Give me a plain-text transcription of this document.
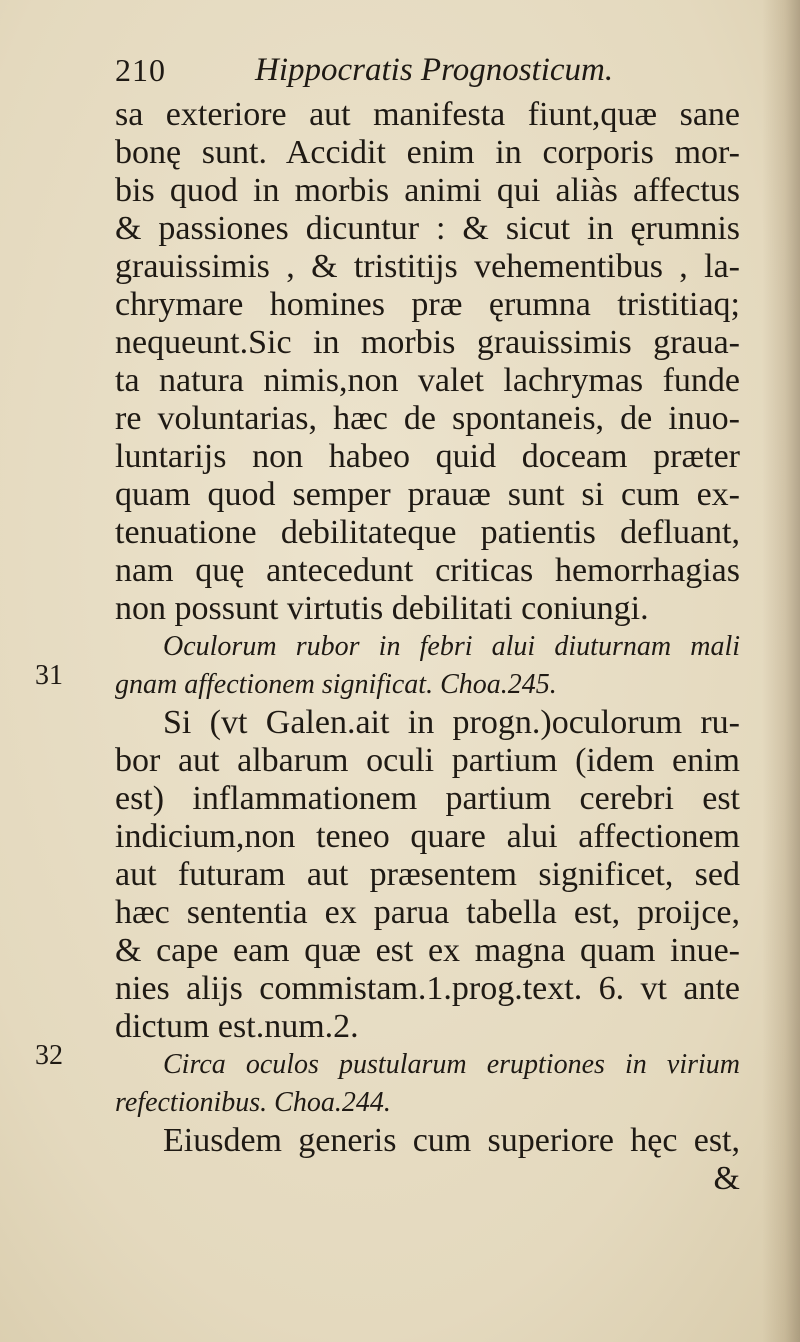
210	Hippocratis Prognosticum.
31
32
sa exteriore aut manifesta fiunt,quæ sane
bonę sunt. Accidit enim in corporis mor-
bis quod in morbis animi qui aliàs affectus
& passiones dicuntur : & sicut in ęrumnis
grauissimis , & tristitijs vehementibus , la-
chrymare homines præ ęrumna tristitiaq;
nequeunt.Sic in morbis grauissimis graua-
ta natura nimis,non valet lachrymas funde
re voluntarias, hæc de spontaneis, de inuo-
luntarijs non habeo quid doceam præter
quam quod semper prauæ sunt si cum ex-
tenuatione debilitateque patientis defluant,
nam quę antecedunt criticas hemorrhagias
non possunt virtutis debilitati coniungi.
Oculorum rubor in febri alui diuturnam mali
gnam affectionem significat. Choa.245.
Si (vt Galen.ait in progn.)oculorum ru-
bor aut albarum oculi partium (idem enim
est) inflammationem partium cerebri est
indicium,non teneo quare alui affectionem
aut futuram aut præsentem significet, sed
hæc sententia ex parua tabella est, proijce,
& cape eam quæ est ex magna quam inue-
nies alijs commistam.1.prog.text. 6. vt ante
dictum est.num.2.
Circa oculos pustularum eruptiones in virium
refectionibus. Choa.244.
Eiusdem generis cum superiore hęc est,
&
